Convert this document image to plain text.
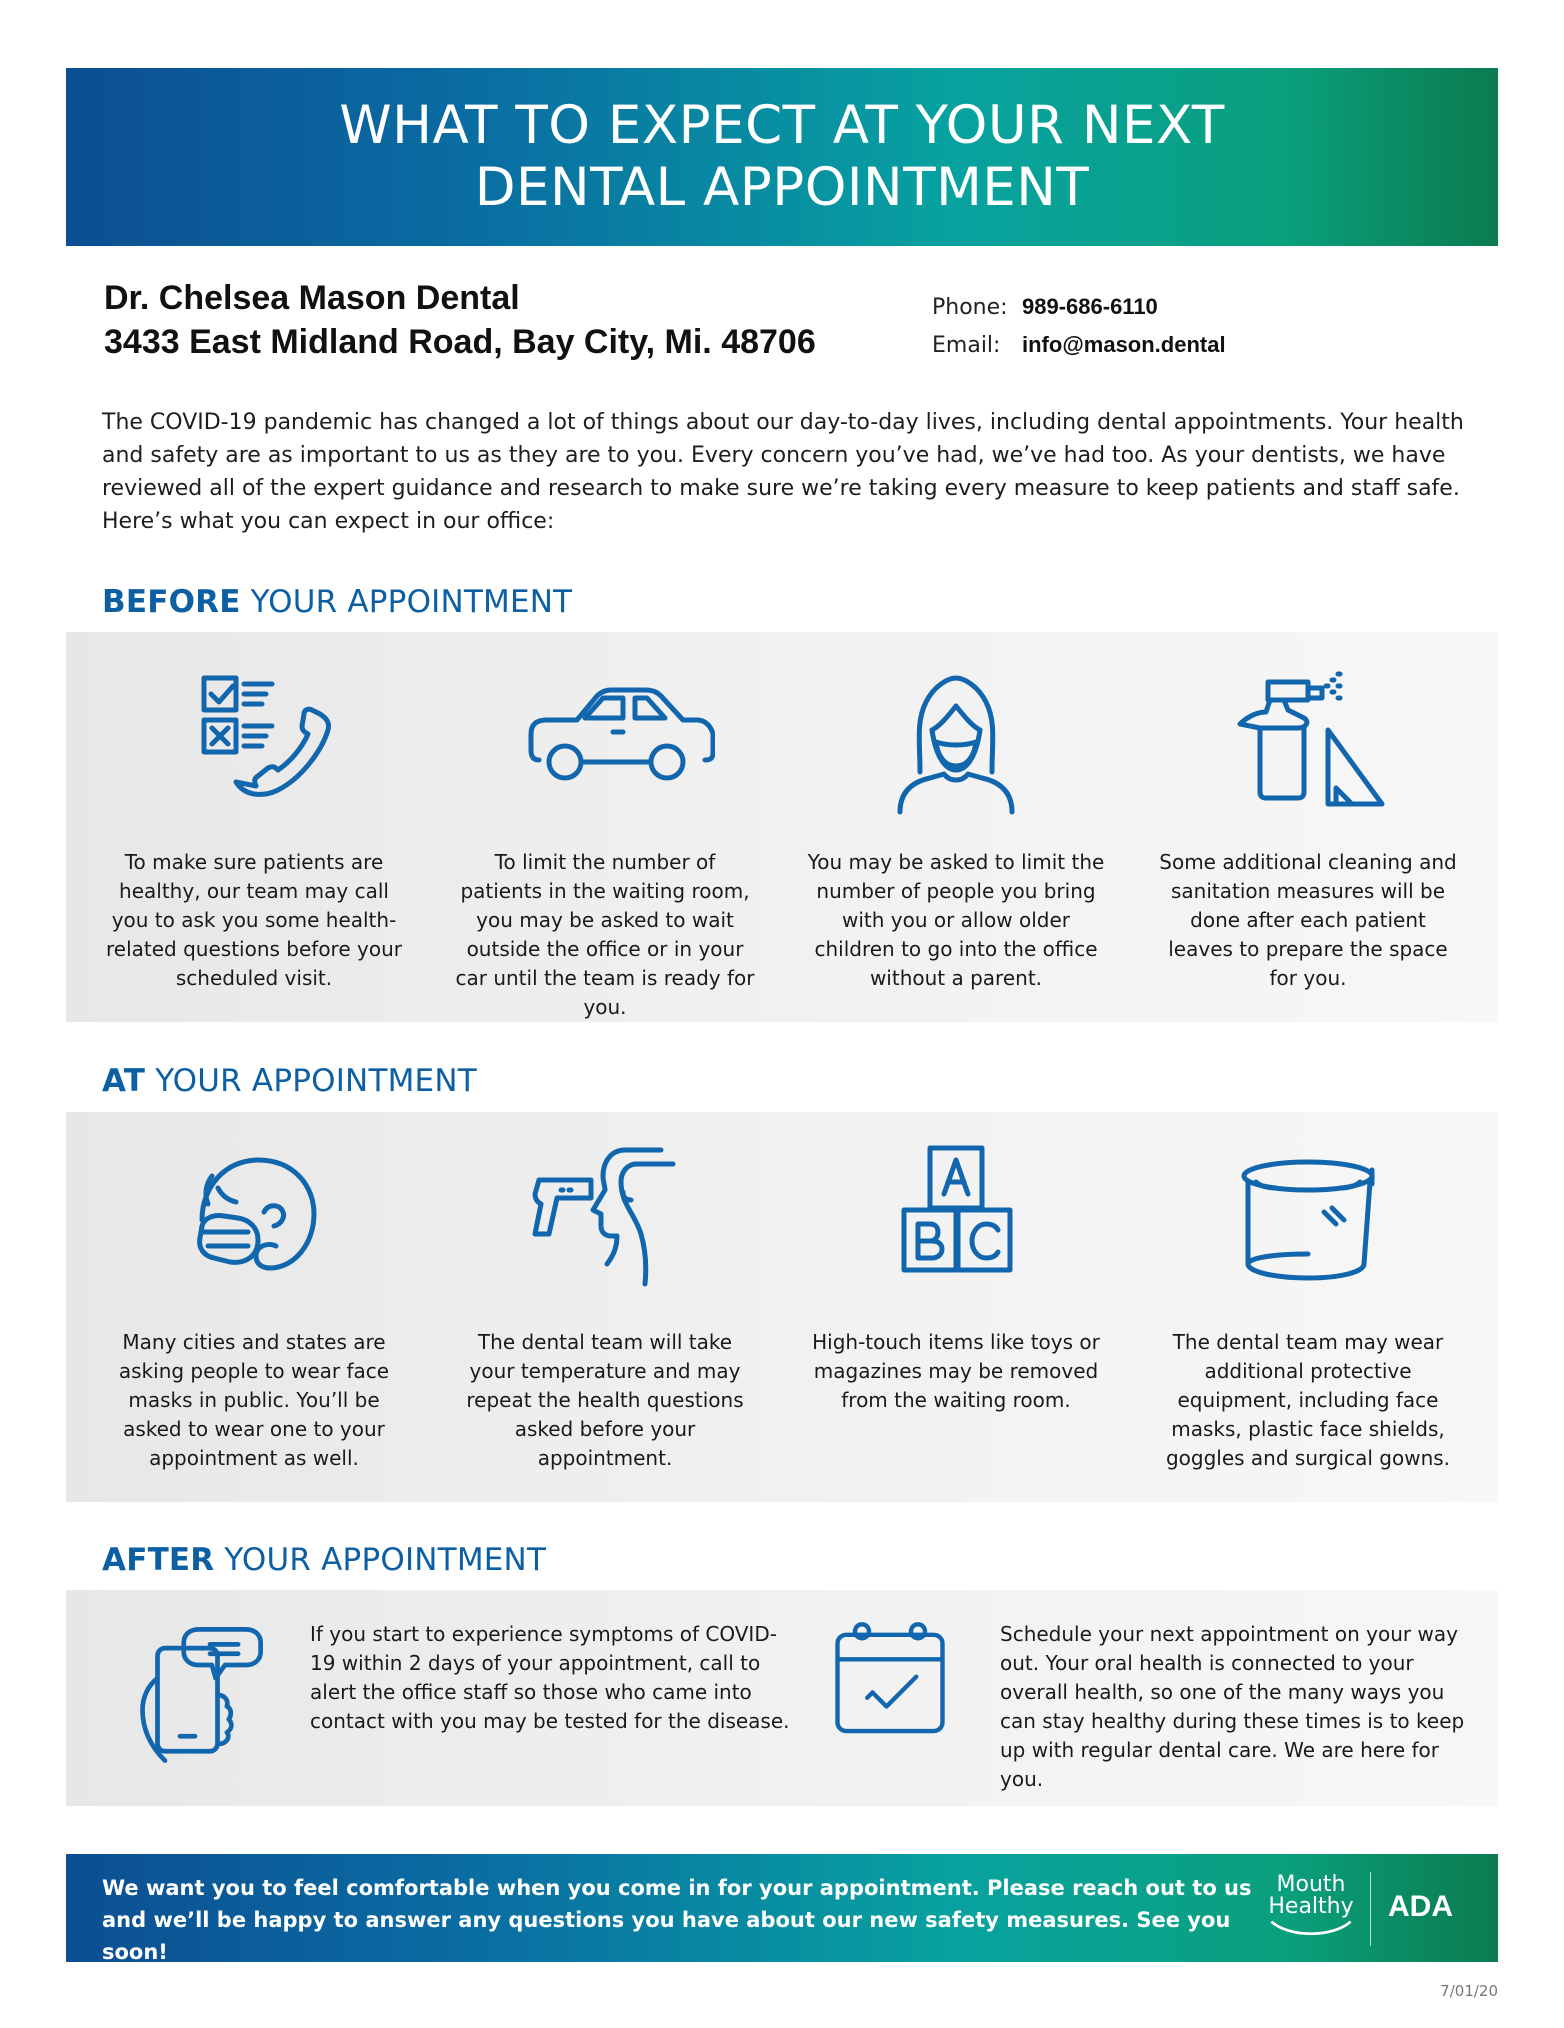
WHAT TO EXPECT AT YOUR NEXT
DENTAL APPOINTMENT
Dr. Chelsea Mason Dental
3433 East Midland Road, Bay City, Mi. 48706
Phone: 989-686-6110
Email: info@mason.dental
The COVID-19 pandemic has changed a lot of things about our day-to-day lives, including dental appointments. Your health and safety are as important to us as they are to you. Every concern you’ve had, we’ve had too. As your dentists, we have reviewed all of the expert guidance and research to make sure we’re taking every measure to keep patients and staff safe. Here’s what you can expect in our office:
BEFORE YOUR APPOINTMENT
To make sure patients are healthy, our team may call you to ask you some health-related questions before your scheduled visit.
To limit the number of patients in the waiting room, you may be asked to wait outside the office or in your car until the team is ready for you.
You may be asked to limit the number of people you bring with you or allow older children to go into the office without a parent.
Some additional cleaning and sanitation measures will be done after each patient leaves to prepare the space for you.
AT YOUR APPOINTMENT
Many cities and states are asking people to wear face masks in public. You’ll be asked to wear one to your appointment as well.
The dental team will take your temperature and may repeat the health questions asked before your appointment.
High-touch items like toys or magazines may be removed from the waiting room.
The dental team may wear additional protective equipment, including face masks, plastic face shields, goggles and surgical gowns.
AFTER YOUR APPOINTMENT
If you start to experience symptoms of COVID-19 within 2 days of your appointment, call to alert the office staff so those who came into contact with you may be tested for the disease.
Schedule your next appointment on your way out. Your oral health is connected to your overall health, so one of the many ways you can stay healthy during these times is to keep up with regular dental care. We are here for you.
We want you to feel comfortable when you come in for your appointment. Please reach out to us and we’ll be happy to answer any questions you have about our new safety measures. See you soon!
Mouth
Healthy ADA
7/01/20
